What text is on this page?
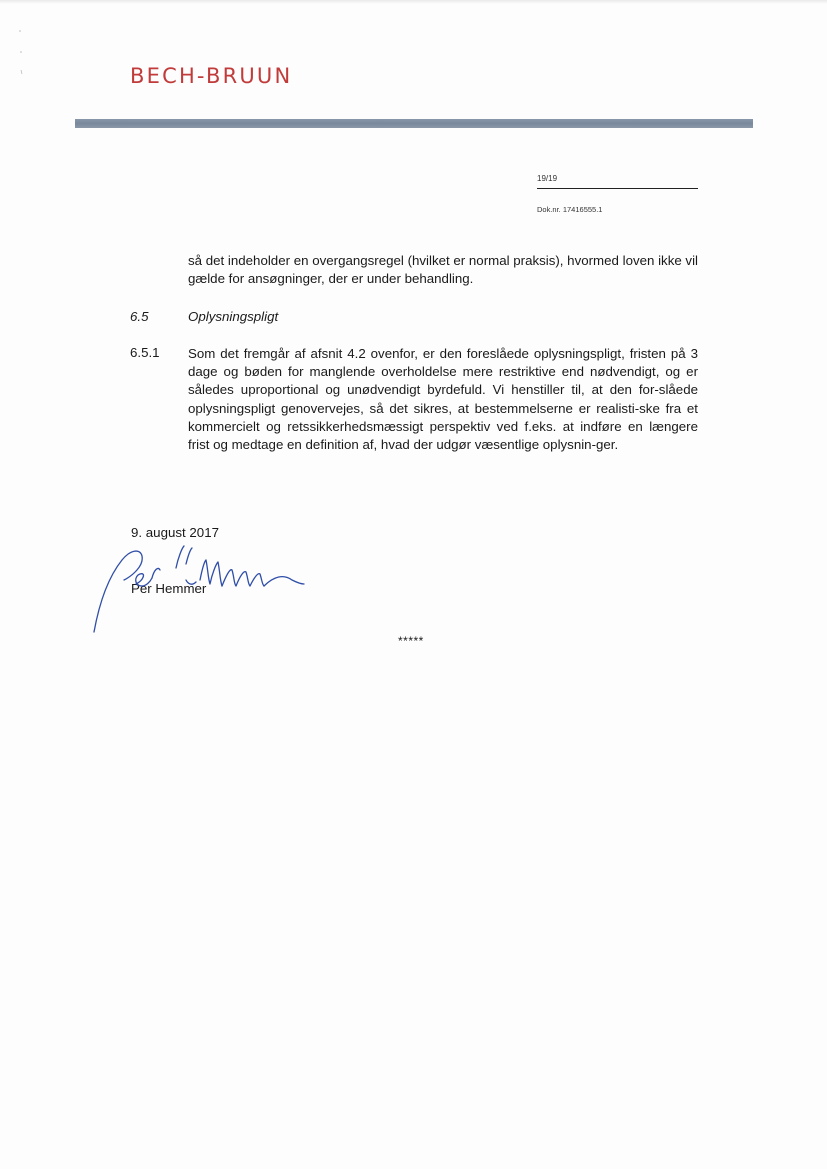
BECH-BRUUN
19/19
Dok.nr. 17416555.1
så det indeholder en overgangsregel (hvilket er normal praksis), hvormed loven ikke vil gælde for ansøgninger, der er under behandling.
6.5	Oplysningspligt
6.5.1 Som det fremgår af afsnit 4.2 ovenfor, er den foreslåede oplysningspligt, fristen på 3 dage og bøden for manglende overholdelse mere restriktive end nødvendigt, og er således uproportional og unødvendigt byrdefuld. Vi henstiller til, at den for-slåede oplysningspligt genovervejes, så det sikres, at bestemmelserne er realisti-ske fra et kommercielt og retssikkerhedsmæssigt perspektiv ved f.eks. at indføre en længere frist og medtage en definition af, hvad der udgør væsentlige oplysnin-ger.
9. august 2017
Per Hemmer
*****
